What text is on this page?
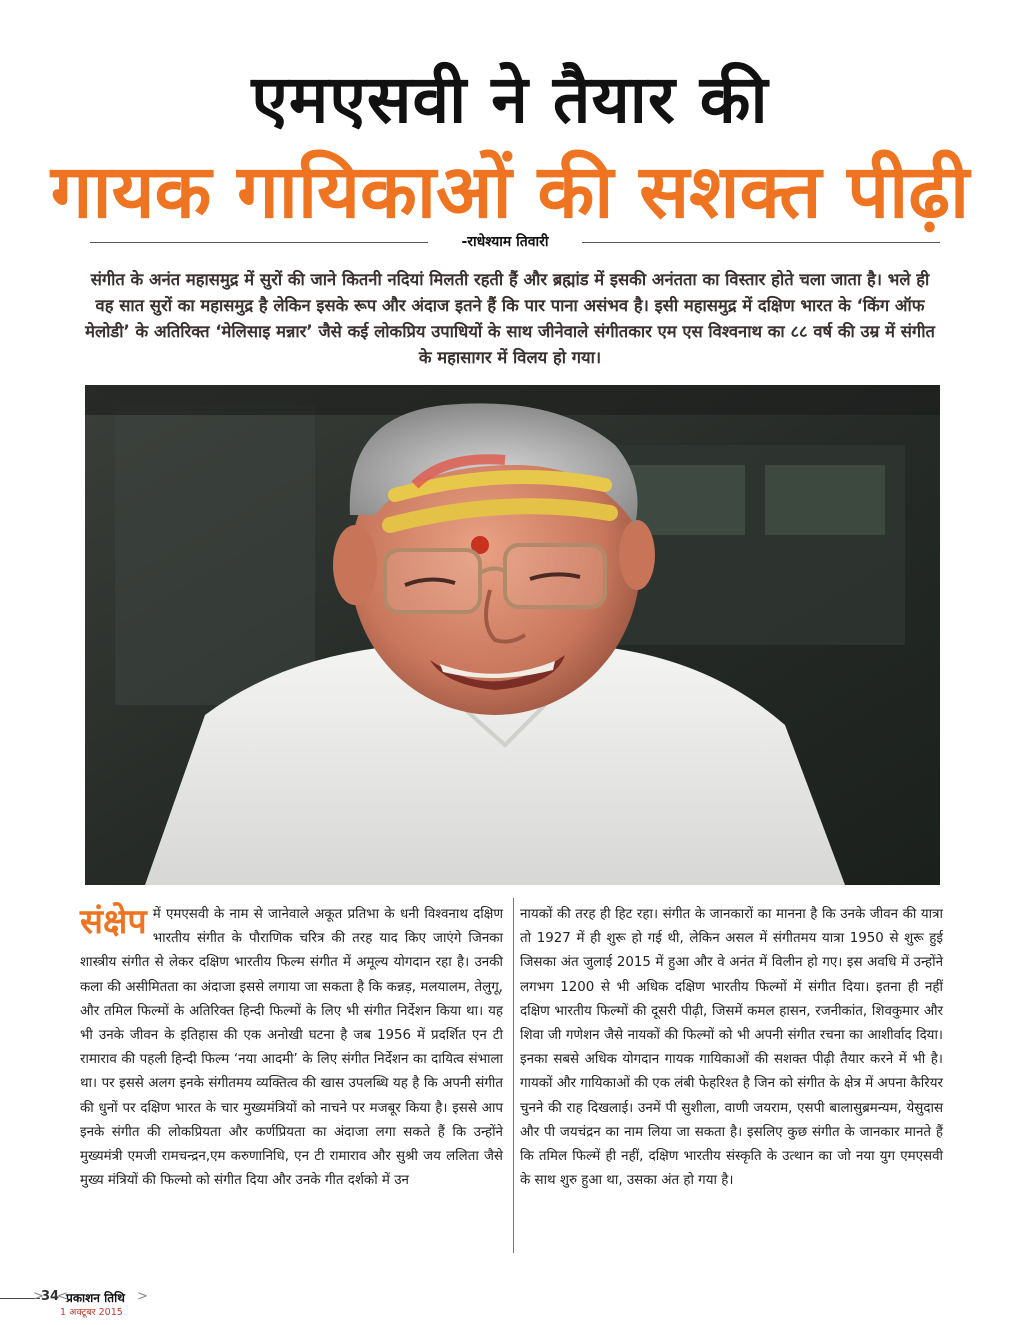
एमएसवी ने तैयार की
गायक गायिकाओं की सशक्त पीढ़ी
-राधेश्याम तिवारी
संगीत के अनंत महासमुद्र में सुरों की जाने कितनी नदियां मिलती रहती हैं और ब्रह्मांड में इसकी अनंतता का विस्तार होते चला जाता है। भले ही वह सात सुरों का महासमुद्र है लेकिन इसके रूप और अंदाज इतने हैं कि पार पाना असंभव है। इसी महासमुद्र में दक्षिण भारत के ‘किंग ऑफ मेलोडी’ के अतिरिक्त ‘मेलिसाइ मन्नार’ जैसे कई लोकप्रिय उपाधियों के साथ जीनेवाले संगीतकार एम एस विश्वनाथ का ८८ वर्ष की उम्र में संगीत के महासागर में विलय हो गया।
संक्षेप में एमएसवी के नाम से जानेवाले अकूत प्रतिभा के धनी विश्वनाथ दक्षिण भारतीय संगीत के पौराणिक चरित्र की तरह याद किए जाएंगे जिनका शास्त्रीय संगीत से लेकर दक्षिण भारतीय फिल्म संगीत में अमूल्य योगदान रहा है। उनकी कला की असीमितता का अंदाजा इससे लगाया जा सकता है कि कन्नड़, मलयालम, तेलुगू, और तमिल फिल्मों के अतिरिक्त हिन्दी फिल्मों के लिए भी संगीत निर्देशन किया था। यह भी उनके जीवन के इतिहास की एक अनोखी घटना है जब 1956 में प्रदर्शित एन टी रामाराव की पहली हिन्दी फिल्म ‘नया आदमी’ के लिए संगीत निर्देशन का दायित्व संभाला था। पर इससे अलग इनके संगीतमय व्यक्तित्व की खास उपलब्धि यह है कि अपनी संगीत की धुनों पर दक्षिण भारत के चार मुख्यमंत्रियों को नाचने पर मजबूर किया है। इससे आप इनके संगीत की लोकप्रियता और कर्णप्रियता का अंदाजा लगा सकते हैं कि उन्होंने मुख्यमंत्री एमजी रामचन्द्रन,एम करुणानिधि, एन टी रामाराव और सुश्री जय ललिता जैसे मुख्य मंत्रियों की फिल्मो को संगीत दिया और उनके गीत दर्शको में उन
नायकों की तरह ही हिट रहा। संगीत के जानकारों का मानना है कि उनके जीवन की यात्रा तो 1927 में ही शुरू हो गई थी, लेकिन असल में संगीतमय यात्रा 1950 से शुरू हुई जिसका अंत जुलाई 2015 में हुआ और वे अनंत में विलीन हो गए। इस अवधि में उन्होंने लगभग 1200 से भी अधिक दक्षिण भारतीय फिल्मों में संगीत दिया। इतना ही नहीं दक्षिण भारतीय फिल्मों की दूसरी पीढ़ी, जिसमें कमल हासन, रजनीकांत, शिवकुमार और शिवा जी गणेशन जैसे नायकों की फिल्मों को भी अपनी संगीत रचना का आशीर्वाद दिया। इनका सबसे अधिक योगदान गायक गायिकाओं की सशक्त पीढ़ी तैयार करने में भी है। गायकों और गायिकाओं की एक लंबी फेहरिश्त है जिन को संगीत के क्षेत्र में अपना कैरियर चुनने की राह दिखलाई। उनमें पी सुशीला, वाणी जयराम, एसपी बालासुब्रमन्यम, येसुदास और पी जयचंद्रन का नाम लिया जा सकता है। इसलिए कुछ संगीत के जानकार मानते हैं कि तमिल फिल्में ही नहीं, दक्षिण भारतीय संस्कृति के उत्थान का जो नया युग एमएसवी के साथ शुरु हुआ था, उसका अंत हो गया है।
>
34
<
प्रकाशन तिथि >
1 अक्टूबर 2015
